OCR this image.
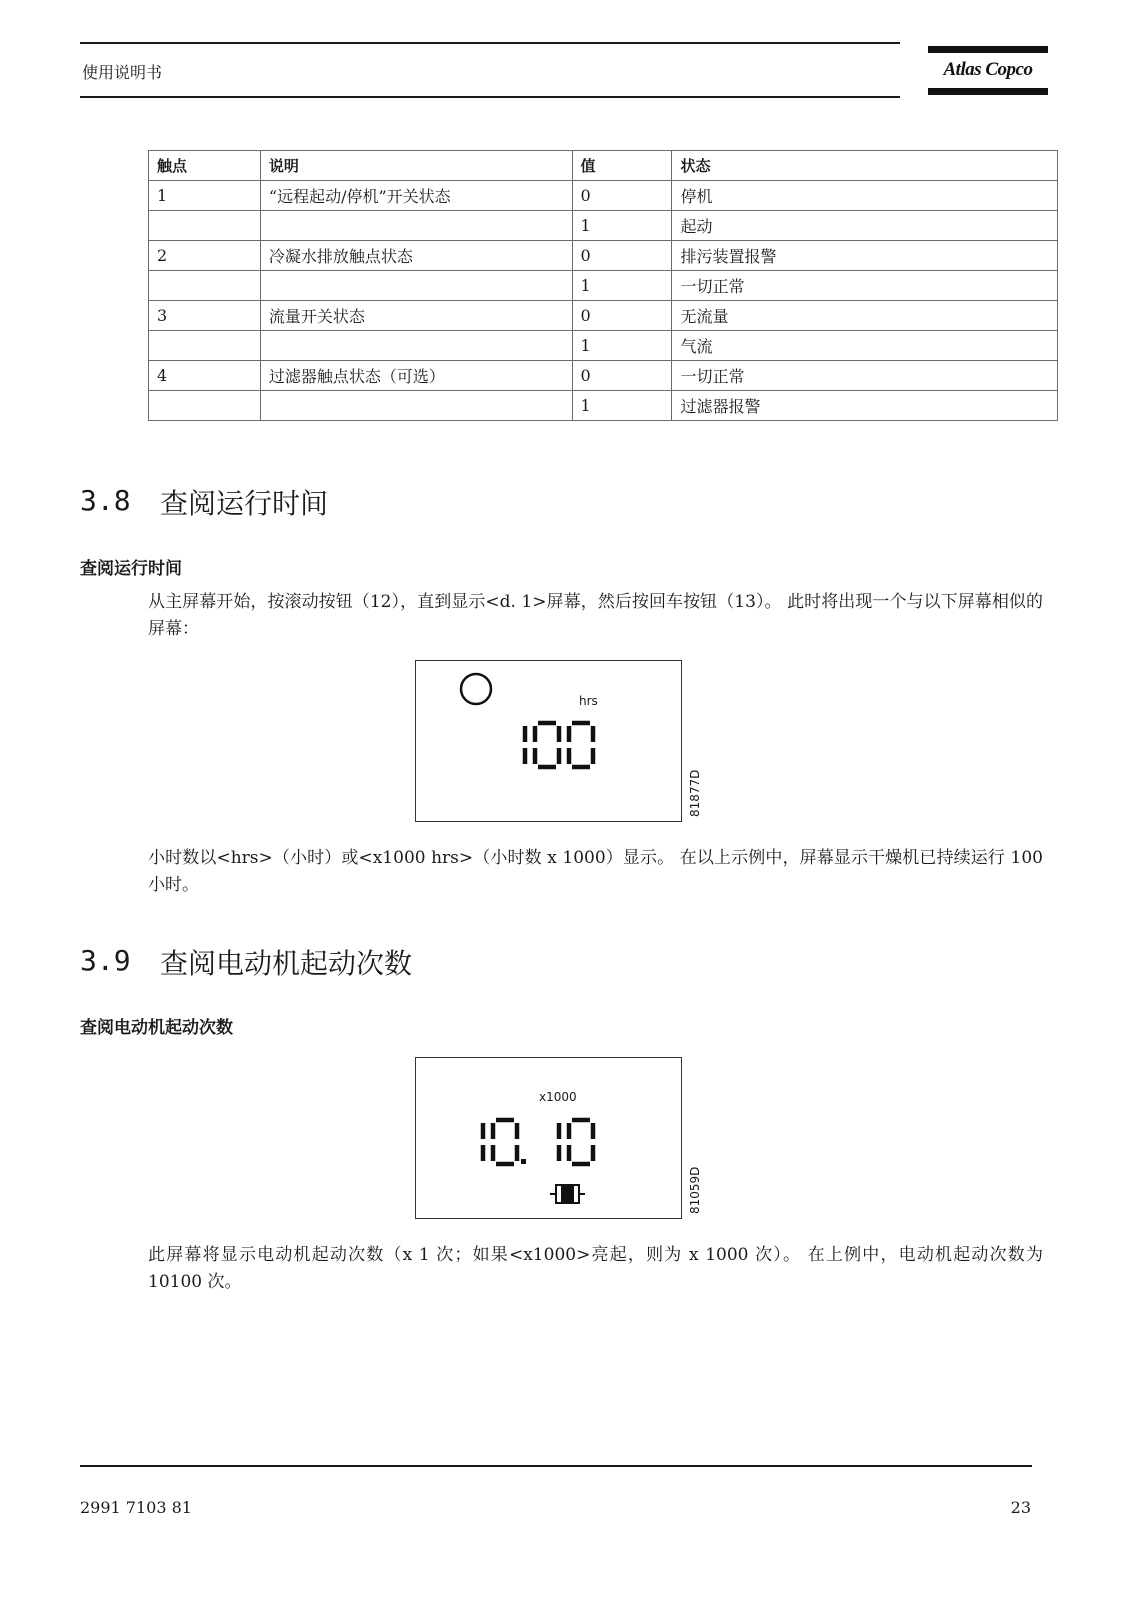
使用说明书	Atlas Copco
触点	说明	值	状态
1	“远程起动/停机”开关状态	0	停机
		1	起动
2	冷凝水排放触点状态	0	排污装置报警
		1	一切正常
3	流量开关状态	0	无流量
		1	气流
4	过滤器触点状态（可选）	0	一切正常
		1	过滤器报警
3.8 查阅运行时间
查阅运行时间
从主屏幕开始，按滚动按钮（12），直到显示<d. 1>屏幕，然后按回车按钮（13）。 此时将出现一个与以下屏幕相似的屏幕：
hrs
81877D
小时数以<hrs>（小时）或<x1000 hrs>（小时数 x 1000）显示。 在以上示例中，屏幕显示干燥机已持续运行 100 小时。
3.9 查阅电动机起动次数
查阅电动机起动次数
x1000
81059D
此屏幕将显示电动机起动次数（x 1 次；如果<x1000>亮起，则为 x 1000 次）。 在上例中，电动机起动次数为 10100 次。
2991 7103 81	23
